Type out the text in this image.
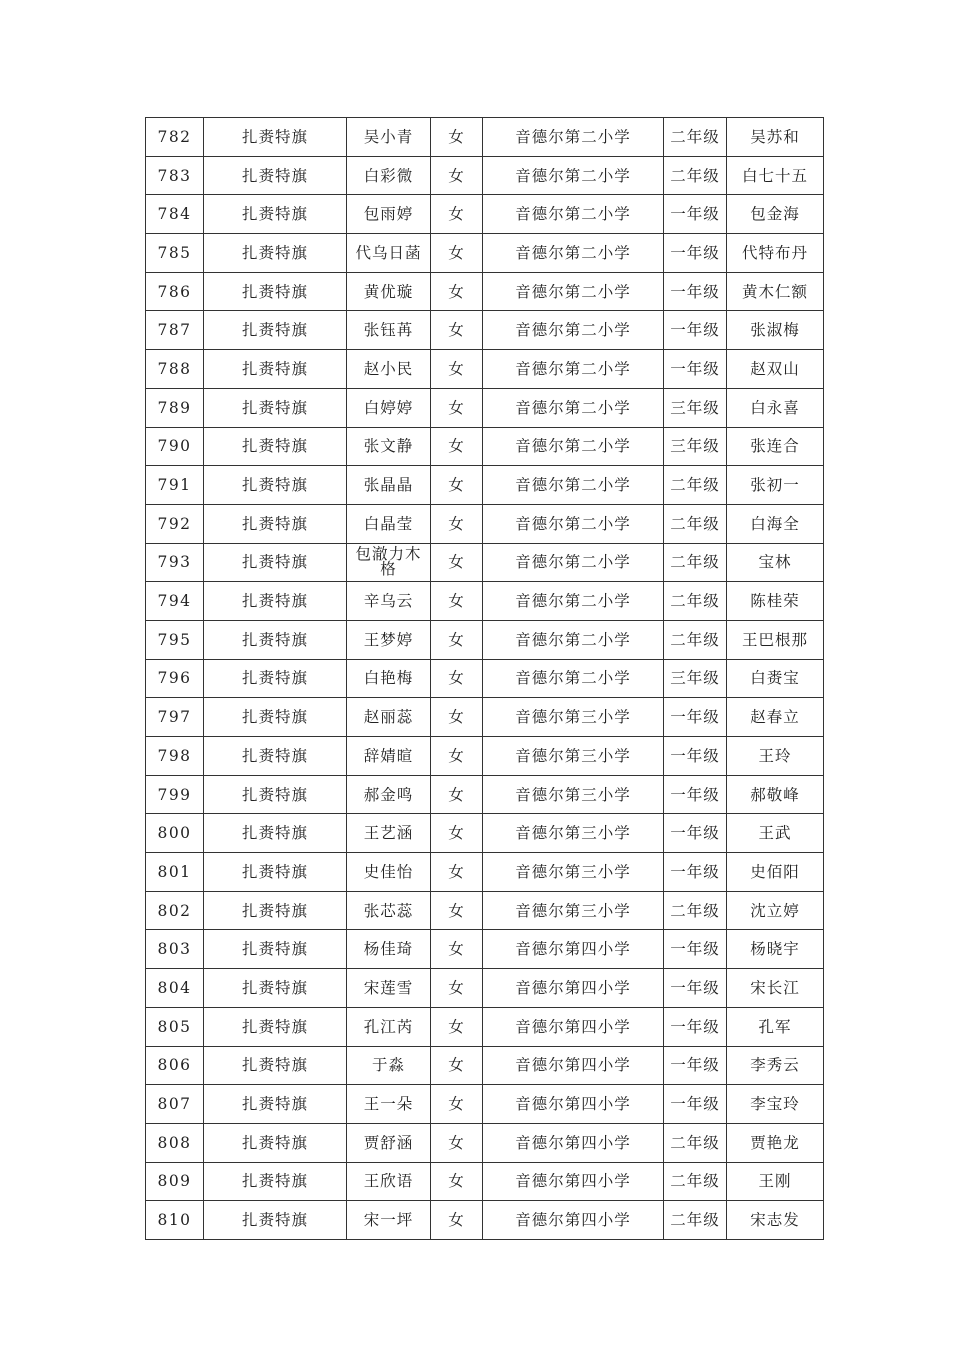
782	扎赉特旗	吴小青	女	音德尔第二小学	二年级	吴苏和
783	扎赉特旗	白彩微	女	音德尔第二小学	二年级	白七十五
784	扎赉特旗	包雨婷	女	音德尔第二小学	一年级	包金海
785	扎赉特旗	代乌日菡	女	音德尔第二小学	一年级	代特布丹
786	扎赉特旗	黄优璇	女	音德尔第二小学	一年级	黄木仁额
787	扎赉特旗	张钰苒	女	音德尔第二小学	一年级	张淑梅
788	扎赉特旗	赵小民	女	音德尔第二小学	一年级	赵双山
789	扎赉特旗	白婷婷	女	音德尔第二小学	三年级	白永喜
790	扎赉特旗	张文静	女	音德尔第二小学	三年级	张连合
791	扎赉特旗	张晶晶	女	音德尔第二小学	二年级	张初一
792	扎赉特旗	白晶莹	女	音德尔第二小学	二年级	白海全
793	扎赉特旗	包澈力木格	女	音德尔第二小学	二年级	宝林
794	扎赉特旗	辛乌云	女	音德尔第二小学	二年级	陈桂荣
795	扎赉特旗	王梦婷	女	音德尔第二小学	二年级	王巴根那
796	扎赉特旗	白艳梅	女	音德尔第二小学	三年级	白赉宝
797	扎赉特旗	赵丽蕊	女	音德尔第三小学	一年级	赵春立
798	扎赉特旗	辞婧暄	女	音德尔第三小学	一年级	王玲
799	扎赉特旗	郝金鸣	女	音德尔第三小学	一年级	郝敬峰
800	扎赉特旗	王艺涵	女	音德尔第三小学	一年级	王武
801	扎赉特旗	史佳怡	女	音德尔第三小学	一年级	史佰阳
802	扎赉特旗	张芯蕊	女	音德尔第三小学	二年级	沈立婷
803	扎赉特旗	杨佳琦	女	音德尔第四小学	一年级	杨晓宇
804	扎赉特旗	宋莲雪	女	音德尔第四小学	一年级	宋长江
805	扎赉特旗	孔江芮	女	音德尔第四小学	一年级	孔军
806	扎赉特旗	于淼	女	音德尔第四小学	一年级	李秀云
807	扎赉特旗	王一朵	女	音德尔第四小学	一年级	李宝玲
808	扎赉特旗	贾舒涵	女	音德尔第四小学	二年级	贾艳龙
809	扎赉特旗	王欣语	女	音德尔第四小学	二年级	王刚
810	扎赉特旗	宋一坪	女	音德尔第四小学	二年级	宋志发
